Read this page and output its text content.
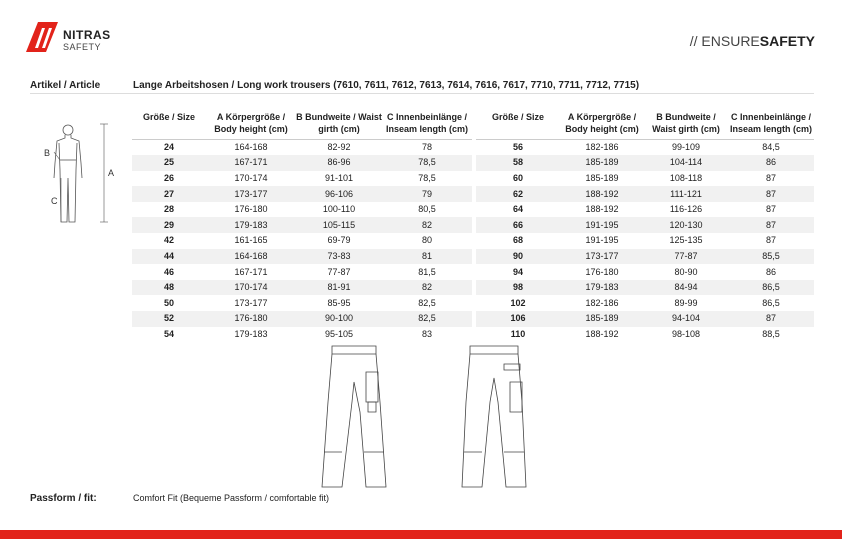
NITRAS
SAFETY	// ENSURESAFETY
Artikel / Article	Lange Arbeitshosen / Long work trousers (7610, 7611, 7612, 7613, 7614, 7616, 7617, 7710, 7711, 7712, 7715)
A
B
C
Größe / Size	A Körpergröße / Body height (cm)	B Bundweite / Waist girth (cm)	C Innenbeinlänge / Inseam length (cm)
24	164-168	82-92	78
25	167-171	86-96	78,5
26	170-174	91-101	78,5
27	173-177	96-106	79
28	176-180	100-110	80,5
29	179-183	105-115	82
42	161-165	69-79	80
44	164-168	73-83	81
46	167-171	77-87	81,5
48	170-174	81-91	82
50	173-177	85-95	82,5
52	176-180	90-100	82,5
54	179-183	95-105	83
Größe / Size	A Körpergröße / Body height (cm)	B Bundweite / Waist girth (cm)	C Innenbeinlänge / Inseam length (cm)
56	182-186	99-109	84,5
58	185-189	104-114	86
60	185-189	108-118	87
62	188-192	111-121	87
64	188-192	116-126	87
66	191-195	120-130	87
68	191-195	125-135	87
90	173-177	77-87	85,5
94	176-180	80-90	86
98	179-183	84-94	86,5
102	182-186	89-99	86,5
106	185-189	94-104	87
110	188-192	98-108	88,5
Passform / fit:	Comfort Fit (Bequeme Passform / comfortable fit)
